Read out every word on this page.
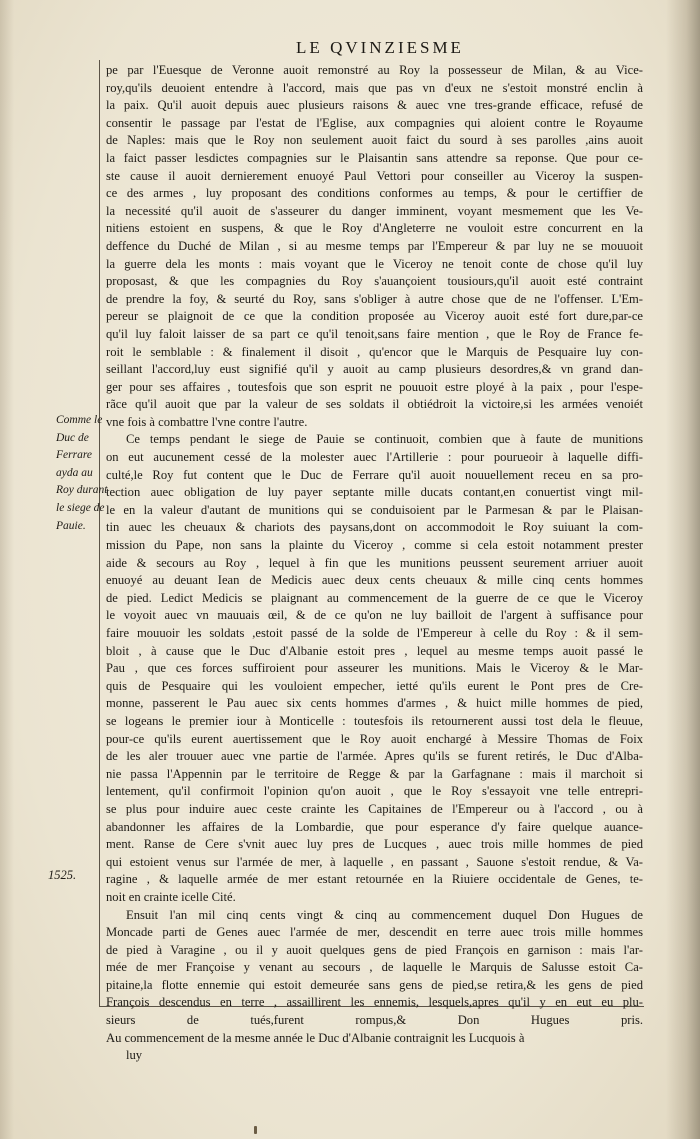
LE QVINZIESME
Comme le
Duc de
Ferrare
ayda au
Roy durant
le siege de
Pauie.
1525.
pe par l'Euesque de Veronne auoit remonstré au Roy la possesseur de Milan, & au Vice-
roy,qu'ils deuoient entendre à l'accord, mais que pas vn d'eux ne s'estoit monstré enclin à
la paix. Qu'il auoit depuis auec plusieurs raisons & auec vne tres-grande efficace, refusé de
consentir le passage par l'estat de l'Eglise, aux compagnies qui aloient contre le Royaume
de Naples: mais que le Roy non seulement auoit faict du sourd à ses parolles ,ains auoit
la faict passer lesdictes compagnies sur le Plaisantin sans attendre sa reponse. Que pour ce-
ste cause il auoit dernierement enuoyé Paul Vettori pour conseiller au Viceroy la suspen-
ce des armes , luy proposant des conditions conformes au temps, & pour le certiffier de
la necessité qu'il auoit de s'asseurer du danger imminent, voyant mesmement que les Ve-
nitiens estoient en suspens, & que le Roy d'Angleterre ne vouloit estre concurrent en la
deffence du Duché de Milan , si au mesme temps par l'Empereur & par luy ne se mouuoit
la guerre dela les monts : mais voyant que le Viceroy ne tenoit conte de chose qu'il luy
proposast, & que les compagnies du Roy s'auançoient tousiours,qu'il auoit esté contraint
de prendre la foy, & seurté du Roy, sans s'obliger à autre chose que de ne l'offenser. L'Em-
pereur se plaignoit de ce que la condition proposée au Viceroy auoit esté fort dure,par-ce
qu'il luy faloit laisser de sa part ce qu'il tenoit,sans faire mention , que le Roy de France fe-
roit le semblable : & finalement il disoit , qu'encor que le Marquis de Pesquaire luy con-
seillant l'accord,luy eust signifié qu'il y auoit au camp plusieurs desordres,& vn grand dan-
ger pour ses affaires , toutesfois que son esprit ne pouuoit estre ployé à la paix , pour l'espe-
rãce qu'il auoit que par la valeur de ses soldats il obtiédroit la victoire,si les armées venoiét
vne fois à combattre l'vne contre l'autre.
Ce temps pendant le siege de Pauie se continuoit, combien que à faute de munitions
on eut aucunement cessé de la molester auec l'Artillerie : pour pourueoir à laquelle diffi-
culté,le Roy fut content que le Duc de Ferrare qu'il auoit nouuellement receu en sa pro-
tection auec obligation de luy payer septante mille ducats contant,en conuertist vingt mil-
le en la valeur d'autant de munitions qui se conduisoient par le Parmesan & par le Plaisan-
tin auec les cheuaux & chariots des paysans,dont on accommodoit le Roy suiuant la com-
mission du Pape, non sans la plainte du Viceroy , comme si cela estoit notamment prester
aide & secours au Roy , lequel à fin que les munitions peussent seurement arriuer auoit
enuoyé au deuant Iean de Medicis auec deux cents cheuaux & mille cinq cents hommes
de pied. Ledict Medicis se plaignant au commencement de la guerre de ce que le Viceroy
le voyoit auec vn mauuais œil, & de ce qu'on ne luy bailloit de l'argent à suffisance pour
faire mouuoir les soldats ,estoit passé de la solde de l'Empereur à celle du Roy : & il sem-
bloit , à cause que le Duc d'Albanie estoit pres , lequel au mesme temps auoit passé le
Pau , que ces forces suffiroient pour asseurer les munitions. Mais le Viceroy & le Mar-
quis de Pesquaire qui les vouloient empecher, ietté qu'ils eurent le Pont pres de Cre-
monne, passerent le Pau auec six cents hommes d'armes , & huict mille hommes de pied,
se logeans le premier iour à Monticelle : toutesfois ils retournerent aussi tost dela le fleuue,
pour-ce qu'ils eurent auertissement que le Roy auoit enchargé à Messire Thomas de Foix
de les aler trouuer auec vne partie de l'armée. Apres qu'ils se furent retirés, le Duc d'Alba-
nie passa l'Appennin par le territoire de Regge & par la Garfagnane : mais il marchoit si
lentement, qu'il confirmoit l'opinion qu'on auoit , que le Roy s'essayoit vne telle entrepri-
se plus pour induire auec ceste crainte les Capitaines de l'Empereur ou à l'accord , ou à
abandonner les affaires de la Lombardie, que pour esperance d'y faire quelque auance-
ment. Ranse de Cere s'vnit auec luy pres de Lucques , auec trois mille hommes de pied
qui estoient venus sur l'armée de mer, à laquelle , en passant , Sauone s'estoit rendue, & Va-
ragine , & laquelle armée de mer estant retournée en la Riuiere occidentale de Genes, te-
noit en crainte icelle Cité.
Ensuit l'an mil cinq cents vingt & cinq au commencement duquel Don Hugues de
Moncade parti de Genes auec l'armée de mer, descendit en terre auec trois mille hommes
de pied à Varagine , ou il y auoit quelques gens de pied François en garnison : mais l'ar-
mée de mer Françoise y venant au secours , de laquelle le Marquis de Salusse estoit Ca-
pitaine,la flotte ennemie qui estoit demeurée sans gens de pied,se retira,& les gens de pied
François descendus en terre , assaillirent les ennemis, lesquels,apres qu'il y en eut eu plu-
sieurs de tués,furent rompus,& Don Hugues pris.
Au commencement de la mesme année le Duc d'Albanie contraignit les Lucquois à
luy
